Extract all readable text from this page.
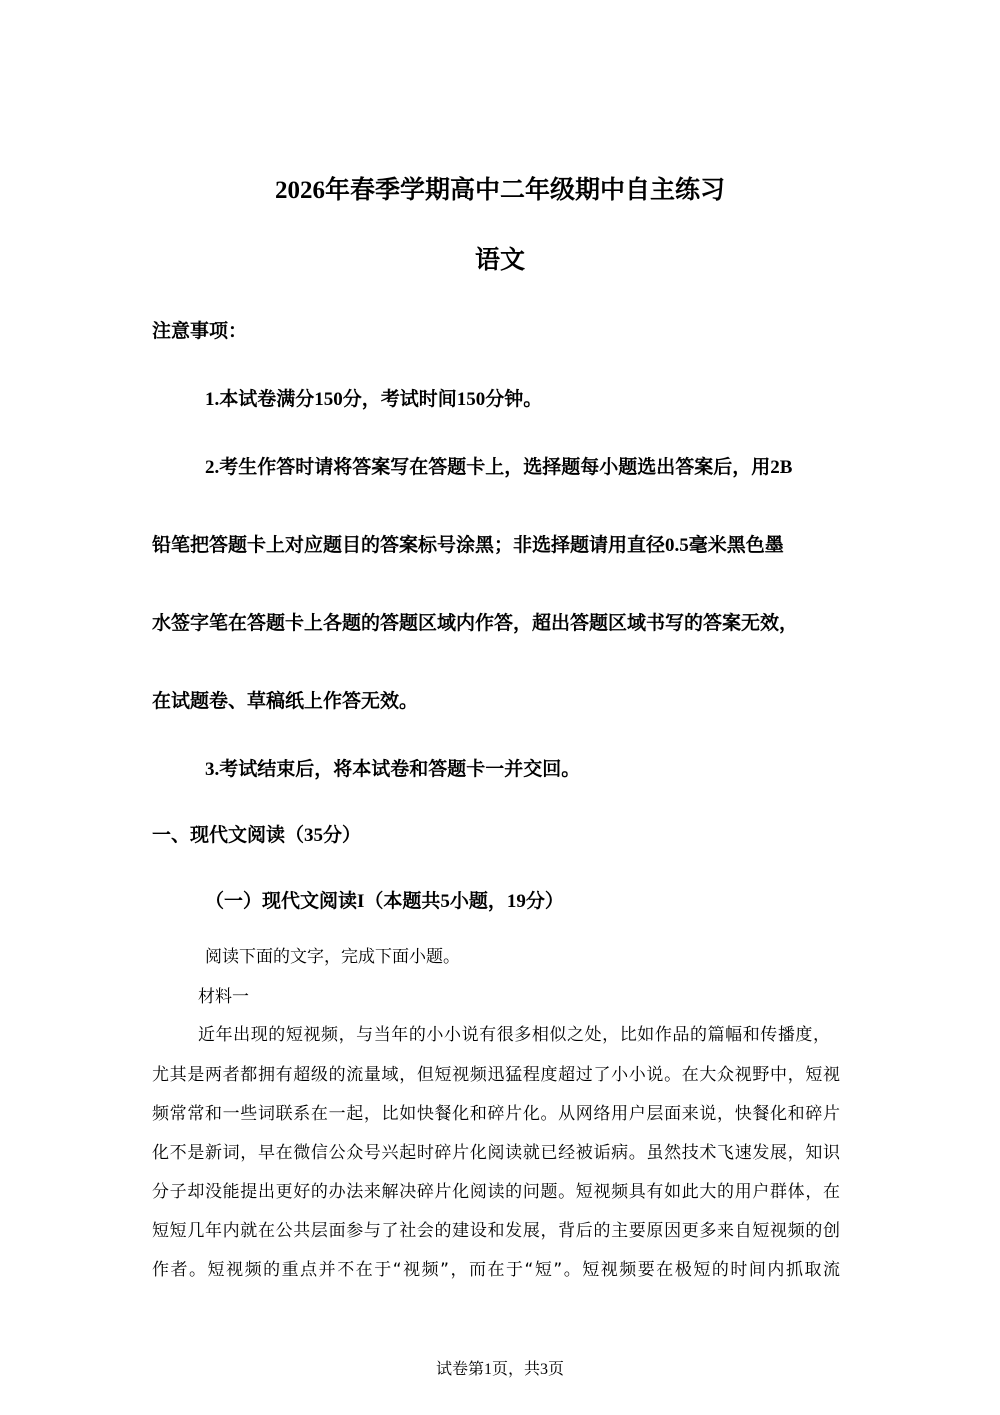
2026年春季学期高中二年级期中自主练习
语文
注意事项：
1.本试卷满分150分，考试时间150分钟。
2.考生作答时请将答案写在答题卡上，选择题每小题选出答案后，用2B
铅笔把答题卡上对应题目的答案标号涂黑；非选择题请用直径0.5毫米黑色墨
水签字笔在答题卡上各题的答题区域内作答，超出答题区域书写的答案无效，
在试题卷、草稿纸上作答无效。
3.考试结束后，将本试卷和答题卡一并交回。
一、现代文阅读（35分）
（一）现代文阅读I（本题共5小题，19分）
阅读下面的文字，完成下面小题。
材料一
近年出现的短视频，与当年的小小说有很多相似之处，比如作品的篇幅和传播度，
尤其是两者都拥有超级的流量域，但短视频迅猛程度超过了小小说。在大众视野中，短视
频常常和一些词联系在一起，比如快餐化和碎片化。从网络用户层面来说，快餐化和碎片
化不是新词，早在微信公众号兴起时碎片化阅读就已经被诟病。虽然技术飞速发展，知识
分子却没能提出更好的办法来解决碎片化阅读的问题。短视频具有如此大的用户群体，在
短短几年内就在公共层面参与了社会的建设和发展，背后的主要原因更多来自短视频的创
作者。短视频的重点并不在于“视频”，而在于“短”。短视频要在极短的时间内抓取流
试卷第1页，共3页
